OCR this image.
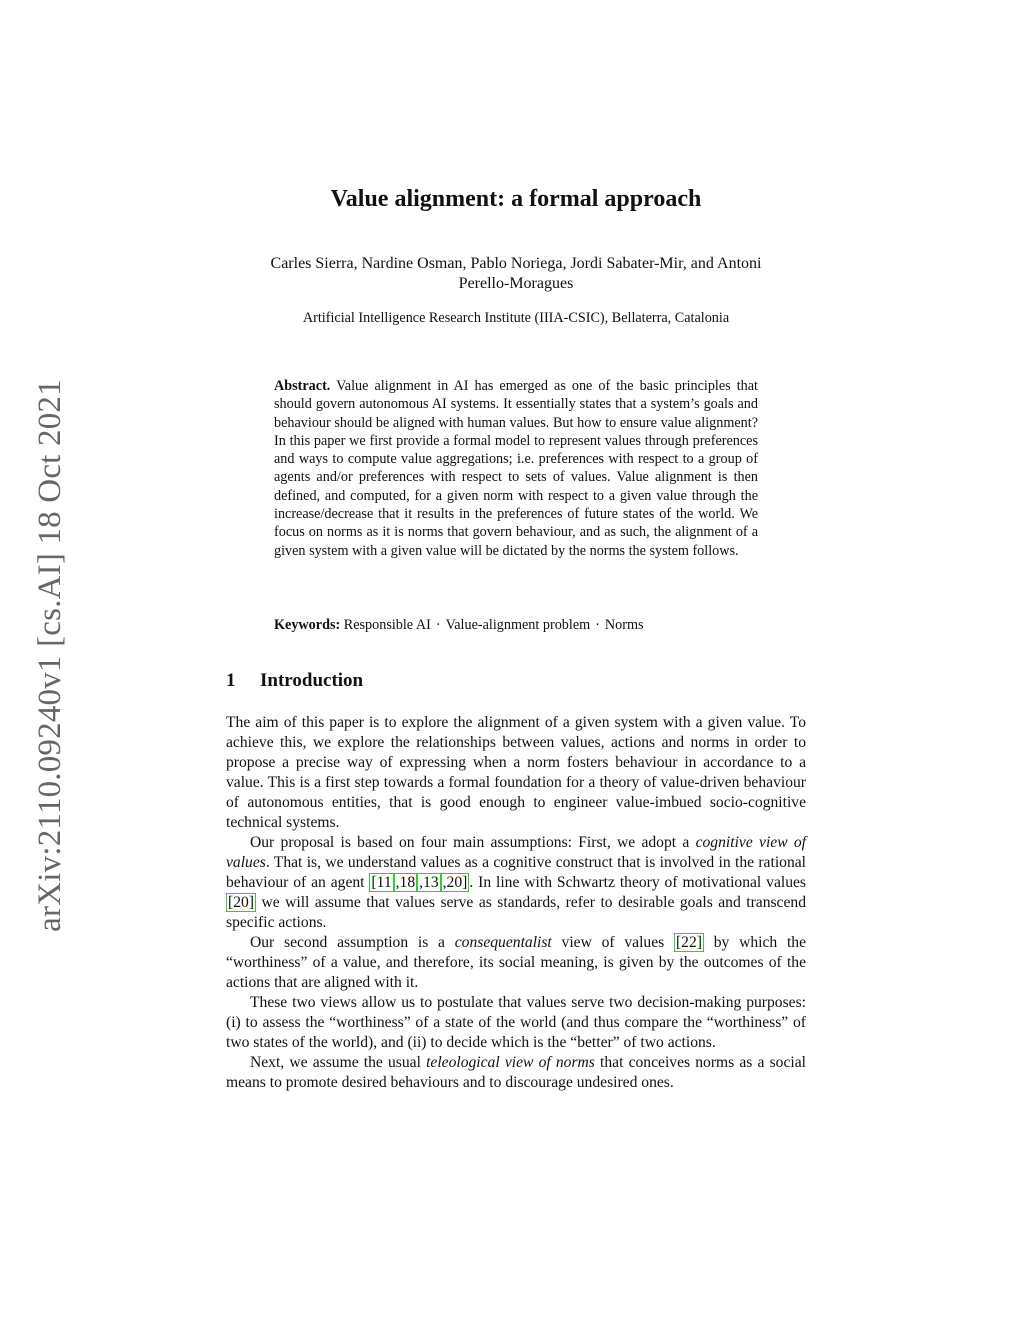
arXiv:2110.09240v1 [cs.AI] 18 Oct 2021
Value alignment: a formal approach
Carles Sierra, Nardine Osman, Pablo Noriega, Jordi Sabater-Mir, and Antoni
Perello-Moragues
Artificial Intelligence Research Institute (IIIA-CSIC), Bellaterra, Catalonia
Abstract. Value alignment in AI has emerged as one of the basic principles that should govern autonomous AI systems. It essentially states that a system’s goals and behaviour should be aligned with human values. But how to ensure value alignment? In this paper we first provide a formal model to represent values through preferences and ways to compute value aggregations; i.e. preferences with respect to a group of agents and/or preferences with respect to sets of values. Value alignment is then defined, and computed, for a given norm with respect to a given value through the increase/decrease that it results in the preferences of future states of the world. We focus on norms as it is norms that govern behaviour, and as such, the alignment of a given system with a given value will be dictated by the norms the system follows.
Keywords: Responsible AI · Value-alignment problem · Norms
1 Introduction

The aim of this paper is to explore the alignment of a given system with a given value. To achieve this, we explore the relationships between values, actions and norms in order to propose a precise way of expressing when a norm fosters behaviour in accordance to a value. This is a first step towards a formal foundation for a theory of value-driven behaviour of autonomous entities, that is good enough to engineer value-imbued socio-cognitive technical systems.

Our proposal is based on four main assumptions: First, we adopt a cognitive view of values. That is, we understand values as a cognitive construct that is involved in the rational behaviour of an agent [11 ,18 ,13 ,20] . In line with Schwartz theory of motivational values [20] we will assume that values serve as standards, refer to desirable goals and transcend specific actions.

Our second assumption is a consequentalist view of values [22] by which the “worthiness” of a value, and therefore, its social meaning, is given by the outcomes of the actions that are aligned with it.

These two views allow us to postulate that values serve two decision-making purposes: (i) to assess the “worthiness” of a state of the world (and thus compare the “worthiness” of two states of the world), and (ii) to decide which is the “better” of two actions.

Next, we assume the usual teleological view of norms that conceives norms as a social means to promote desired behaviours and to discourage undesired ones.
